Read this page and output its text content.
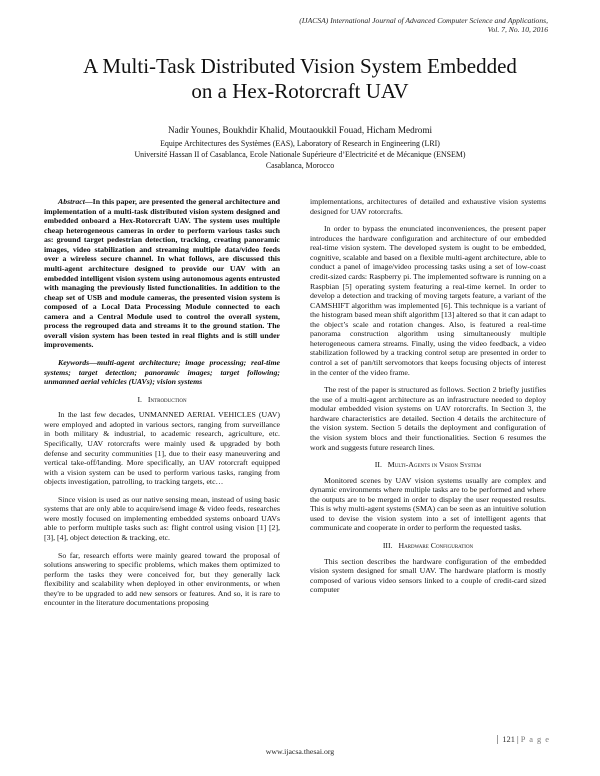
(IJACSA) International Journal of Advanced Computer Science and Applications,
Vol. 7, No. 10, 2016
A Multi-Task Distributed Vision System Embedded
on a Hex-Rotorcraft UAV
Nadir Younes, Boukhdir Khalid, Moutaoukkil Fouad, Hicham Medromi
Equipe Architectures des Systèmes (EAS), Laboratory of Research in Engineering (LRI)
Université Hassan II of Casablanca, Ecole Nationale Supérieure d’Electricité et de Mécanique (ENSEM)
Casablanca, Morocco

Abstract—In this paper, are presented the general architecture and implementation of a multi-task distributed vision system designed and embedded onboard a Hex-Rotorcraft UAV. The system uses multiple cheap heterogeneous cameras in order to perform various tasks such as: ground target pedestrian detection, tracking, creating panoramic images, video stabilization and streaming multiple data/video feeds over a wireless secure channel. In what follows, are discussed this multi-agent architecture designed to provide our UAV with an embedded intelligent vision system using autonomous agents entrusted with managing the previously listed functionalities. In addition to the cheap set of USB and module cameras, the presented vision system is composed of a Local Data Processing Module connected to each camera and a Central Module used to control the overall system, process the regrouped data and streams it to the ground station. The overall vision system has been tested in real flights and is still under improvements.

Keywords—multi-agent architecture; image processing; real-time systems; target detection; panoramic images; target following; unmanned aerial vehicles (UAVs); vision systems

I. Introduction

In the last few decades, UNMANNED AERIAL VEHICLES (UAV) were employed and adopted in various sectors, ranging from surveillance in both military & industrial, to academic research, agriculture, etc. Specifically, UAV rotorcrafts were mainly used & upgraded by both defense and security communities [1], due to their easy maneuvering and vertical take-off/landing. More specifically, an UAV rotorcraft equipped with a vision system can be used to perform various tasks, ranging from objects investigation, patrolling, to tracking targets, etc…

Since vision is used as our native sensing mean, instead of using basic systems that are only able to acquire/send image & video feeds, researches were mostly focused on implementing embedded systems onboard UAVs able to perform multiple tasks such as: flight control using vision [1] [2], [3], [4], object detection & tracking, etc.

So far, research efforts were mainly geared toward the proposal of solutions answering to specific problems, which makes them optimized to perform the tasks they were conceived for, but they generally lack flexibility and scalability when deployed in other environments, or when they're to be upgraded to add new sensors or features. And so, it is rare to encounter in the literature documentations proposing

implementations, architectures of detailed and exhaustive vision systems designed for UAV rotorcrafts.

In order to bypass the enunciated inconveniences, the present paper introduces the hardware configuration and architecture of our embedded real-time vision system. The developed system is ought to be embedded, cognitive, scalable and based on a flexible multi-agent architecture, able to conduct a panel of image/video processing tasks using a set of low-coast credit-sized cards: Raspberry pi. The implemented software is running on a Raspbian [5] operating system featuring a real-time kernel. In order to develop a detection and tracking of moving targets feature, a variant of the CAMSHIFT algorithm was implemented [6]. This technique is a variant of the histogram based mean shift algorithm [13] altered so that it can adapt to the object’s scale and rotation changes. Also, is featured a real-time panorama construction algorithm using simultaneously multiple heterogeneous camera streams. Finally, using the video feedback, a video stabilization followed by a tracking control setup are presented in order to control a set of pan/tilt servomotors that keeps focusing objects of interest in the center of the video frame.

The rest of the paper is structured as follows. Section 2 briefly justifies the use of a multi-agent architecture as an infrastructure needed to deploy modular embedded vision systems on UAV rotorcrafts. In Section 3, the hardware characteristics are detailed. Section 4 details the architecture of the vision system. Section 5 details the deployment and configuration of the vision system blocs and their functionalities. Section 6 resumes the work and suggests future research lines.

II. Multi-Agents in Vision System

Monitored scenes by UAV vision systems usually are complex and dynamic environments where multiple tasks are to be performed and where the outputs are to be merged in order to display the user requested results. This is why multi-agent systems (SMA) can be seen as an intuitive solution used to devise the vision system into a set of intelligent agents that communicate and cooperate in order to perform the requested tasks.

III. Hardware Configuration

This section describes the hardware configuration of the embedded vision system designed for small UAV. The hardware platform is mostly composed of various video sensors linked to a couple of credit-card sized computer

121 | P a g e
www.ijacsa.thesai.org
